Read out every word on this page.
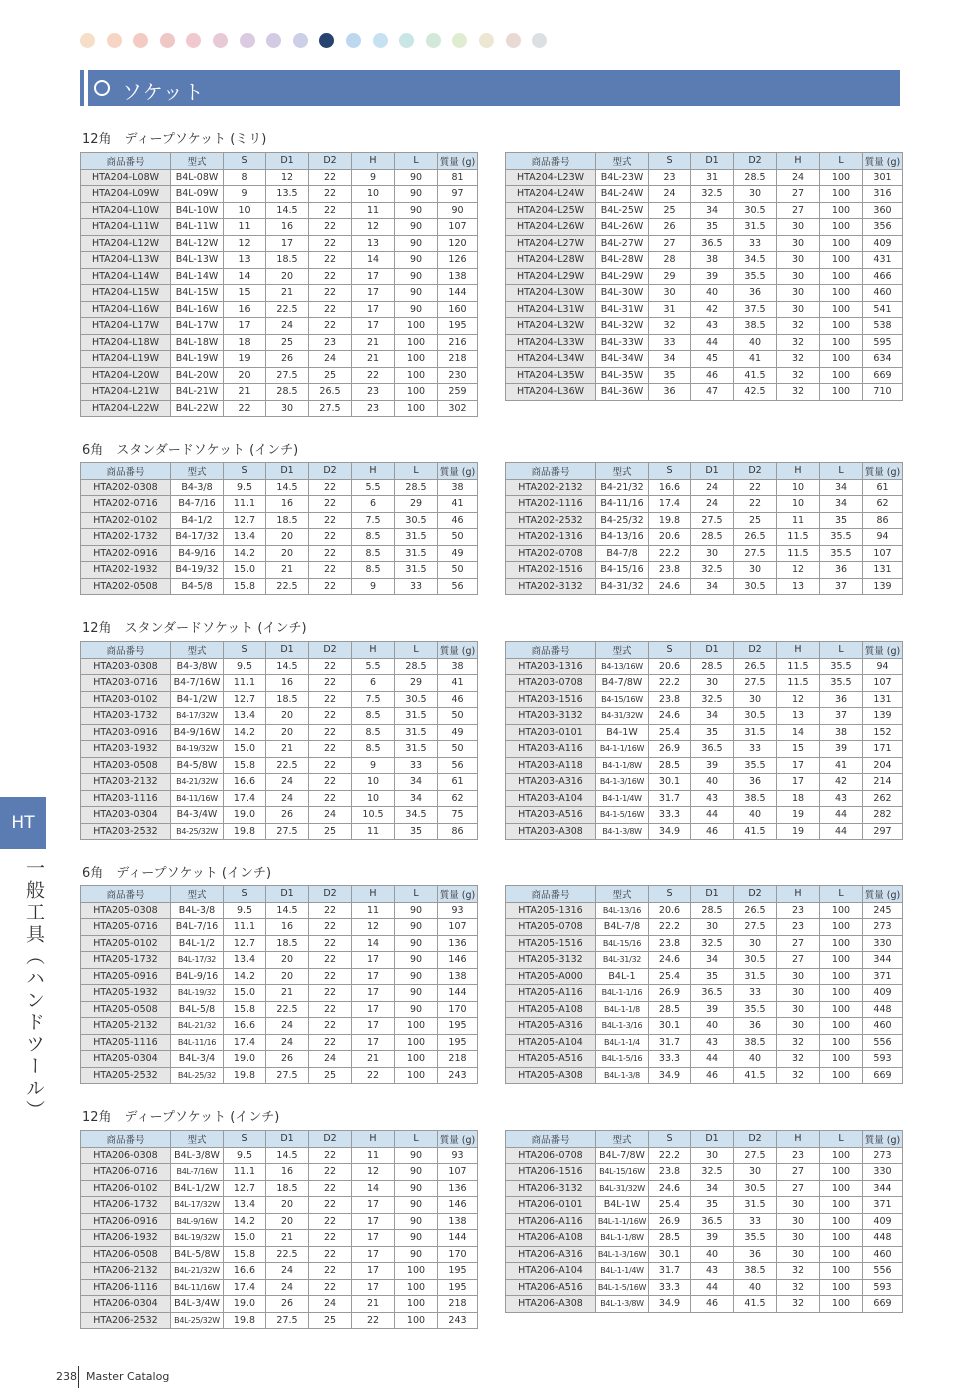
ソケット
12角　ディープソケット (ミリ)
商品番号	型式	S	D1	D2	H	L	質量 (g)
HTA204-L08W	B4L-08W	8	12	22	9	90	81
HTA204-L09W	B4L-09W	9	13.5	22	10	90	97
HTA204-L10W	B4L-10W	10	14.5	22	11	90	90
HTA204-L11W	B4L-11W	11	16	22	12	90	107
HTA204-L12W	B4L-12W	12	17	22	13	90	120
HTA204-L13W	B4L-13W	13	18.5	22	14	90	126
HTA204-L14W	B4L-14W	14	20	22	17	90	138
HTA204-L15W	B4L-15W	15	21	22	17	90	144
HTA204-L16W	B4L-16W	16	22.5	22	17	90	160
HTA204-L17W	B4L-17W	17	24	22	17	100	195
HTA204-L18W	B4L-18W	18	25	23	21	100	216
HTA204-L19W	B4L-19W	19	26	24	21	100	218
HTA204-L20W	B4L-20W	20	27.5	25	22	100	230
HTA204-L21W	B4L-21W	21	28.5	26.5	23	100	259
HTA204-L22W	B4L-22W	22	30	27.5	23	100	302
商品番号	型式	S	D1	D2	H	L	質量 (g)
HTA204-L23W	B4L-23W	23	31	28.5	24	100	301
HTA204-L24W	B4L-24W	24	32.5	30	27	100	316
HTA204-L25W	B4L-25W	25	34	30.5	27	100	360
HTA204-L26W	B4L-26W	26	35	31.5	30	100	356
HTA204-L27W	B4L-27W	27	36.5	33	30	100	409
HTA204-L28W	B4L-28W	28	38	34.5	30	100	431
HTA204-L29W	B4L-29W	29	39	35.5	30	100	466
HTA204-L30W	B4L-30W	30	40	36	30	100	460
HTA204-L31W	B4L-31W	31	42	37.5	30	100	541
HTA204-L32W	B4L-32W	32	43	38.5	32	100	538
HTA204-L33W	B4L-33W	33	44	40	32	100	595
HTA204-L34W	B4L-34W	34	45	41	32	100	634
HTA204-L35W	B4L-35W	35	46	41.5	32	100	669
HTA204-L36W	B4L-36W	36	47	42.5	32	100	710
6角　スタンダードソケット (インチ)
商品番号	型式	S	D1	D2	H	L	質量 (g)
HTA202-0308	B4-3/8	9.5	14.5	22	5.5	28.5	38
HTA202-0716	B4-7/16	11.1	16	22	6	29	41
HTA202-0102	B4-1/2	12.7	18.5	22	7.5	30.5	46
HTA202-1732	B4-17/32	13.4	20	22	8.5	31.5	50
HTA202-0916	B4-9/16	14.2	20	22	8.5	31.5	49
HTA202-1932	B4-19/32	15.0	21	22	8.5	31.5	50
HTA202-0508	B4-5/8	15.8	22.5	22	9	33	56
商品番号	型式	S	D1	D2	H	L	質量 (g)
HTA202-2132	B4-21/32	16.6	24	22	10	34	61
HTA202-1116	B4-11/16	17.4	24	22	10	34	62
HTA202-2532	B4-25/32	19.8	27.5	25	11	35	86
HTA202-1316	B4-13/16	20.6	28.5	26.5	11.5	35.5	94
HTA202-0708	B4-7/8	22.2	30	27.5	11.5	35.5	107
HTA202-1516	B4-15/16	23.8	32.5	30	12	36	131
HTA202-3132	B4-31/32	24.6	34	30.5	13	37	139
12角　スタンダードソケット (インチ)
商品番号	型式	S	D1	D2	H	L	質量 (g)
HTA203-0308	B4-3/8W	9.5	14.5	22	5.5	28.5	38
HTA203-0716	B4-7/16W	11.1	16	22	6	29	41
HTA203-0102	B4-1/2W	12.7	18.5	22	7.5	30.5	46
HTA203-1732	B4-17/32W	13.4	20	22	8.5	31.5	50
HTA203-0916	B4-9/16W	14.2	20	22	8.5	31.5	49
HTA203-1932	B4-19/32W	15.0	21	22	8.5	31.5	50
HTA203-0508	B4-5/8W	15.8	22.5	22	9	33	56
HTA203-2132	B4-21/32W	16.6	24	22	10	34	61
HTA203-1116	B4-11/16W	17.4	24	22	10	34	62
HTA203-0304	B4-3/4W	19.0	26	24	10.5	34.5	75
HTA203-2532	B4-25/32W	19.8	27.5	25	11	35	86
商品番号	型式	S	D1	D2	H	L	質量 (g)
HTA203-1316	B4-13/16W	20.6	28.5	26.5	11.5	35.5	94
HTA203-0708	B4-7/8W	22.2	30	27.5	11.5	35.5	107
HTA203-1516	B4-15/16W	23.8	32.5	30	12	36	131
HTA203-3132	B4-31/32W	24.6	34	30.5	13	37	139
HTA203-0101	B4-1W	25.4	35	31.5	14	38	152
HTA203-A116	B4-1-1/16W	26.9	36.5	33	15	39	171
HTA203-A118	B4-1-1/8W	28.5	39	35.5	17	41	204
HTA203-A316	B4-1-3/16W	30.1	40	36	17	42	214
HTA203-A104	B4-1-1/4W	31.7	43	38.5	18	43	262
HTA203-A516	B4-1-5/16W	33.3	44	40	19	44	282
HTA203-A308	B4-1-3/8W	34.9	46	41.5	19	44	297
6角　ディープソケット (インチ)
商品番号	型式	S	D1	D2	H	L	質量 (g)
HTA205-0308	B4L-3/8	9.5	14.5	22	11	90	93
HTA205-0716	B4L-7/16	11.1	16	22	12	90	107
HTA205-0102	B4L-1/2	12.7	18.5	22	14	90	136
HTA205-1732	B4L-17/32	13.4	20	22	17	90	146
HTA205-0916	B4L-9/16	14.2	20	22	17	90	138
HTA205-1932	B4L-19/32	15.0	21	22	17	90	144
HTA205-0508	B4L-5/8	15.8	22.5	22	17	90	170
HTA205-2132	B4L-21/32	16.6	24	22	17	100	195
HTA205-1116	B4L-11/16	17.4	24	22	17	100	195
HTA205-0304	B4L-3/4	19.0	26	24	21	100	218
HTA205-2532	B4L-25/32	19.8	27.5	25	22	100	243
商品番号	型式	S	D1	D2	H	L	質量 (g)
HTA205-1316	B4L-13/16	20.6	28.5	26.5	23	100	245
HTA205-0708	B4L-7/8	22.2	30	27.5	23	100	273
HTA205-1516	B4L-15/16	23.8	32.5	30	27	100	330
HTA205-3132	B4L-31/32	24.6	34	30.5	27	100	344
HTA205-A000	B4L-1	25.4	35	31.5	30	100	371
HTA205-A116	B4L-1-1/16	26.9	36.5	33	30	100	409
HTA205-A108	B4L-1-1/8	28.5	39	35.5	30	100	448
HTA205-A316	B4L-1-3/16	30.1	40	36	30	100	460
HTA205-A104	B4L-1-1/4	31.7	43	38.5	32	100	556
HTA205-A516	B4L-1-5/16	33.3	44	40	32	100	593
HTA205-A308	B4L-1-3/8	34.9	46	41.5	32	100	669
12角　ディープソケット (インチ)
商品番号	型式	S	D1	D2	H	L	質量 (g)
HTA206-0308	B4L-3/8W	9.5	14.5	22	11	90	93
HTA206-0716	B4L-7/16W	11.1	16	22	12	90	107
HTA206-0102	B4L-1/2W	12.7	18.5	22	14	90	136
HTA206-1732	B4L-17/32W	13.4	20	22	17	90	146
HTA206-0916	B4L-9/16W	14.2	20	22	17	90	138
HTA206-1932	B4L-19/32W	15.0	21	22	17	90	144
HTA206-0508	B4L-5/8W	15.8	22.5	22	17	90	170
HTA206-2132	B4L-21/32W	16.6	24	22	17	100	195
HTA206-1116	B4L-11/16W	17.4	24	22	17	100	195
HTA206-0304	B4L-3/4W	19.0	26	24	21	100	218
HTA206-2532	B4L-25/32W	19.8	27.5	25	22	100	243
商品番号	型式	S	D1	D2	H	L	質量 (g)
HTA206-0708	B4L-7/8W	22.2	30	27.5	23	100	273
HTA206-1516	B4L-15/16W	23.8	32.5	30	27	100	330
HTA206-3132	B4L-31/32W	24.6	34	30.5	27	100	344
HTA206-0101	B4L-1W	25.4	35	31.5	30	100	371
HTA206-A116	B4L-1-1/16W	26.9	36.5	33	30	100	409
HTA206-A108	B4L-1-1/8W	28.5	39	35.5	30	100	448
HTA206-A316	B4L-1-3/16W	30.1	40	36	30	100	460
HTA206-A104	B4L-1-1/4W	31.7	43	38.5	32	100	556
HTA206-A516	B4L-1-5/16W	33.3	44	40	32	100	593
HTA206-A308	B4L-1-3/8W	34.9	46	41.5	32	100	669
HT
一般工具（ハンドツール）
238 Master Catalog
